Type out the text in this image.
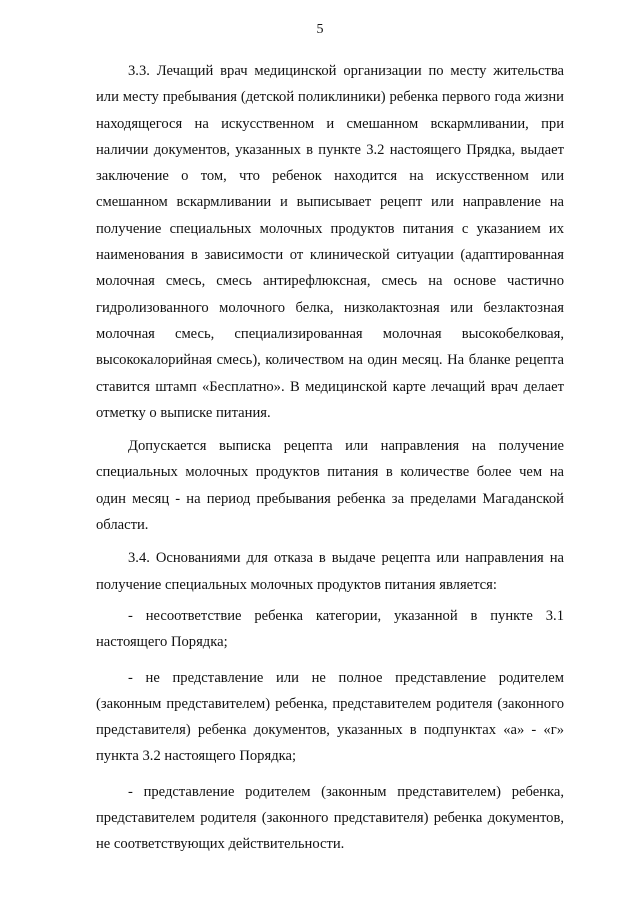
5

3.3. Лечащий врач медицинской организации по месту жительства или месту пребывания (детской поликлиники) ребенка первого года жизни находящегося на искусственном и смешанном вскармливании, при наличии документов, указанных в пункте 3.2 настоящего Прядка, выдает заключение о том, что ребенок находится на искусственном или смешанном вскармливании и выписывает рецепт или направление на получение специальных молочных продуктов питания с указанием их наименования в зависимости от клинической ситуации (адаптированная молочная смесь, смесь антирефлюксная, смесь на основе частично гидролизованного молочного белка, низколактозная или безлактозная молочная смесь, специализированная молочная высокобелковая, высококалорийная смесь), количеством на один месяц. На бланке рецепта ставится штамп «Бесплатно». В медицинской карте лечащий врач делает отметку о выписке питания.

Допускается выписка рецепта или направления на получение специальных молочных продуктов питания в количестве более чем на один месяц - на период пребывания ребенка за пределами Магаданской области.

3.4. Основаниями для отказа в выдаче рецепта или направления на получение специальных молочных продуктов питания является:

- несоответствие ребенка категории, указанной в пункте 3.1 настоящего Порядка;

- не представление или не полное представление родителем (законным представителем) ребенка, представителем родителя (законного представителя) ребенка документов, указанных в подпунктах «а» - «г» пункта 3.2 настоящего Порядка;

- представление родителем (законным представителем) ребенка, представителем родителя (законного представителя) ребенка документов, не соответствующих действительности.
